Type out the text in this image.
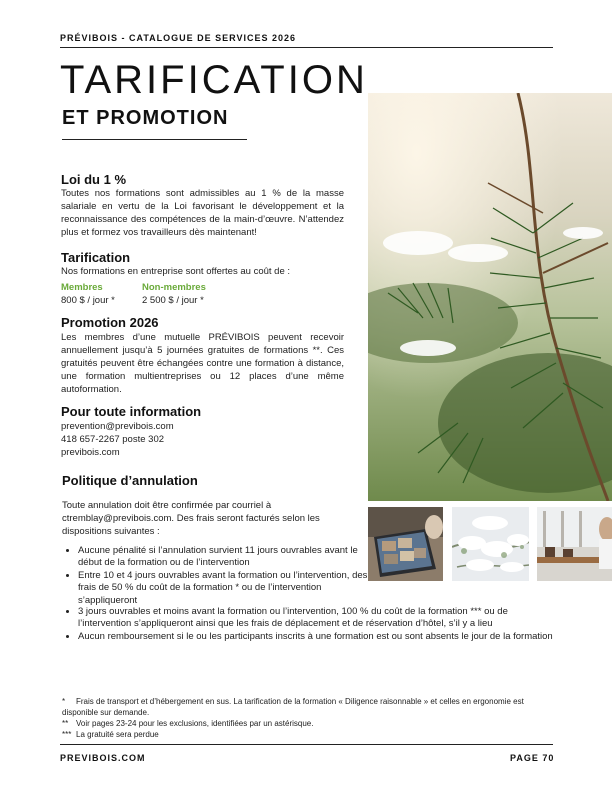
PRÉVIBOIS - CATALOGUE DE SERVICES 2026
TARIFICATION
ET PROMOTION
Loi du 1 %

Toutes nos formations sont admissibles au 1 % de la masse salariale en vertu de la Loi favorisant le développement et la reconnaissance des compétences de la main-d’œuvre. N’attendez plus et formez vos travailleurs dès maintenant!

Tarification

Nos formations en entreprise sont offertes au coût de :

Membres
800 $ / jour *
Non-membres
2 500 $ / jour *
Promotion 2026

Les membres d’une mutuelle PRÉVIBOIS peuvent recevoir annuellement jusqu’à 5 journées gratuites de formations **. Ces gratuités peuvent être échangées contre une formation à distance, une formation multientreprises ou 12 places d’une même autoformation.

Pour toute information

prevention@previbois.com

418 657-2267 poste 302

previbois.com

Politique d’annulation

Toute annulation doit être confirmée par courriel à ctremblay@previbois.com. Des frais seront facturés selon les dispositions suivantes :

• Aucune pénalité si l’annulation survient 11 jours ouvrables avant le début de la formation ou de l’intervention
• Entre 10 et 4 jours ouvrables avant la formation ou l’intervention, des frais de 50 % du coût de la formation * ou de l’intervention s’appliqueront
• 3 jours ouvrables et moins avant la formation ou l’intervention, 100 % du coût de la formation *** ou de l’intervention s’appliqueront ainsi que les frais de déplacement et de réservation d’hôtel, s’il y a lieu
• Aucun remboursement si le ou les participants inscrits à une formation est ou sont absents le jour de la formation
* Frais de transport et d’hébergement en sus. La tarification de la formation « Diligence raisonnable » et celles en ergonomie est disponible sur demande.
** Voir pages 23-24 pour les exclusions, identifiées par un astérisque.
*** La gratuité sera perdue
PREVIBOIS.COM	PAGE 70
